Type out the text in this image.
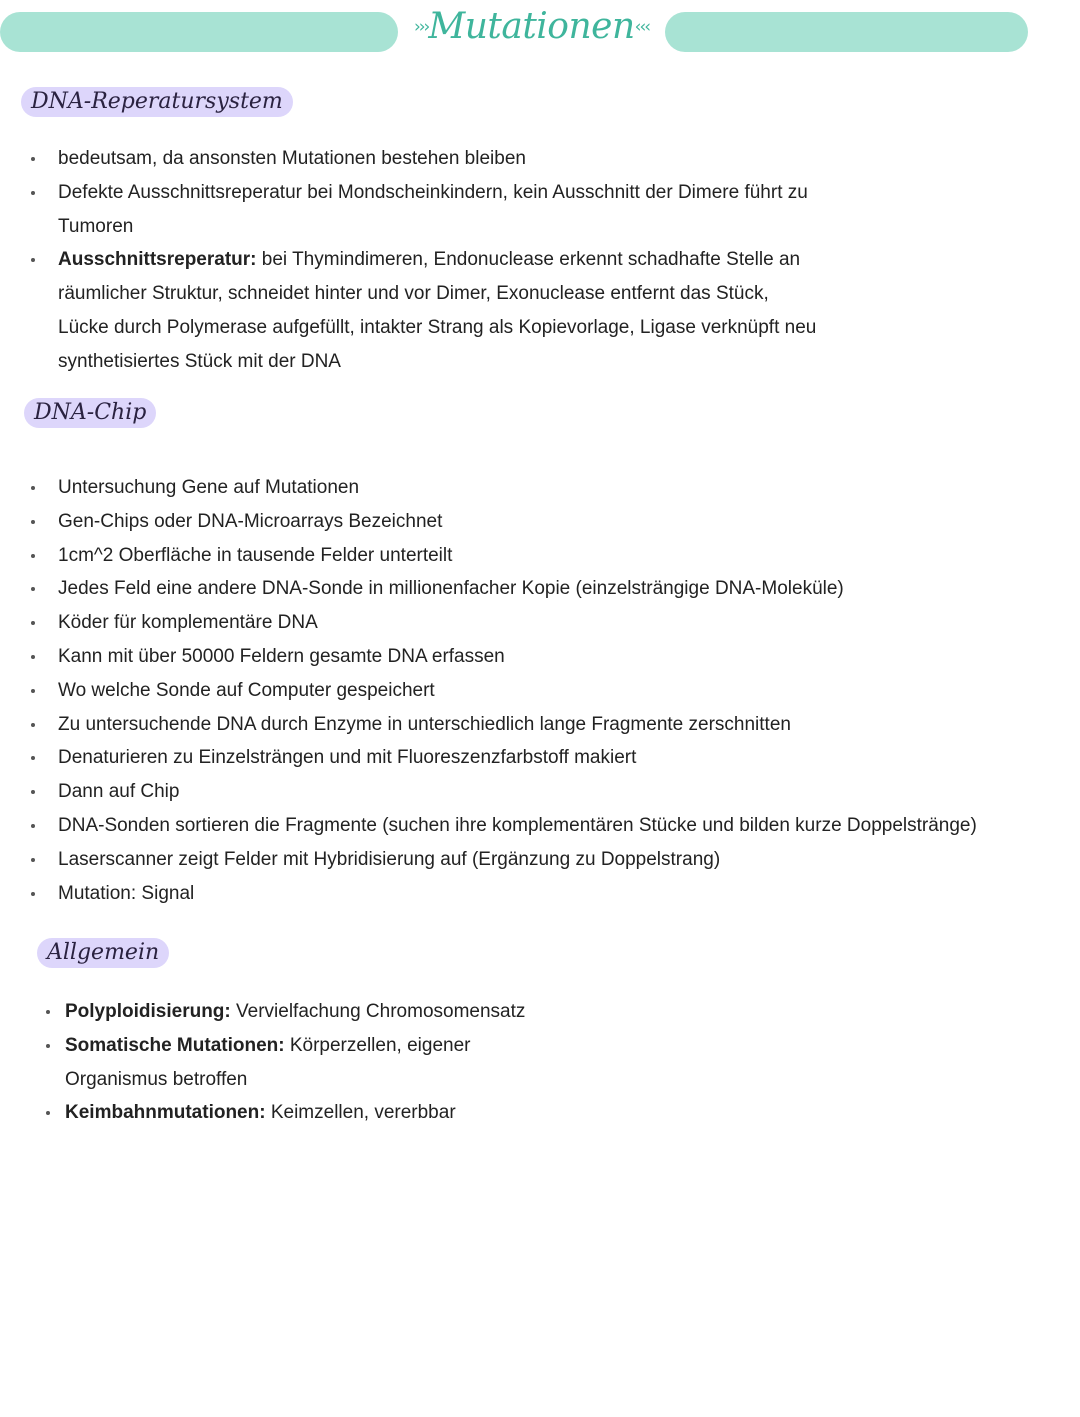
›››Mutationen‹‹‹
DNA-Reperatursystem
bedeutsam, da ansonsten Mutationen bestehen bleiben
Defekte Ausschnittsreperatur bei Mondscheinkindern, kein Ausschnitt der Dimere führt zu
Tumoren
Ausschnittsreperatur: bei Thymindimeren, Endonuclease erkennt schadhafte Stelle an
räumlicher Struktur, schneidet hinter und vor Dimer, Exonuclease entfernt das Stück,
Lücke durch Polymerase aufgefüllt, intakter Strang als Kopievorlage, Ligase verknüpft neu
synthetisiertes Stück mit der DNA
DNA-Chip
Untersuchung Gene auf Mutationen
Gen-Chips oder DNA-Microarrays Bezeichnet
1cm^2 Oberfläche in tausende Felder unterteilt
Jedes Feld eine andere DNA-Sonde in millionenfacher Kopie (einzelsträngige DNA-Moleküle)
Köder für komplementäre DNA
Kann mit über 50000 Feldern gesamte DNA erfassen
Wo welche Sonde auf Computer gespeichert
Zu untersuchende DNA durch Enzyme in unterschiedlich lange Fragmente zerschnitten
Denaturieren zu Einzelsträngen und mit Fluoreszenzfarbstoff makiert
Dann auf Chip
DNA-Sonden sortieren die Fragmente (suchen ihre komplementären Stücke und bilden kurze Doppelstränge)
Laserscanner zeigt Felder mit Hybridisierung auf (Ergänzung zu Doppelstrang)
Mutation: Signal
Allgemein
Polyploidisierung: Vervielfachung Chromosomensatz
Somatische Mutationen: Körperzellen, eigener
Organismus betroffen
Keimbahnmutationen: Keimzellen, vererbbar
